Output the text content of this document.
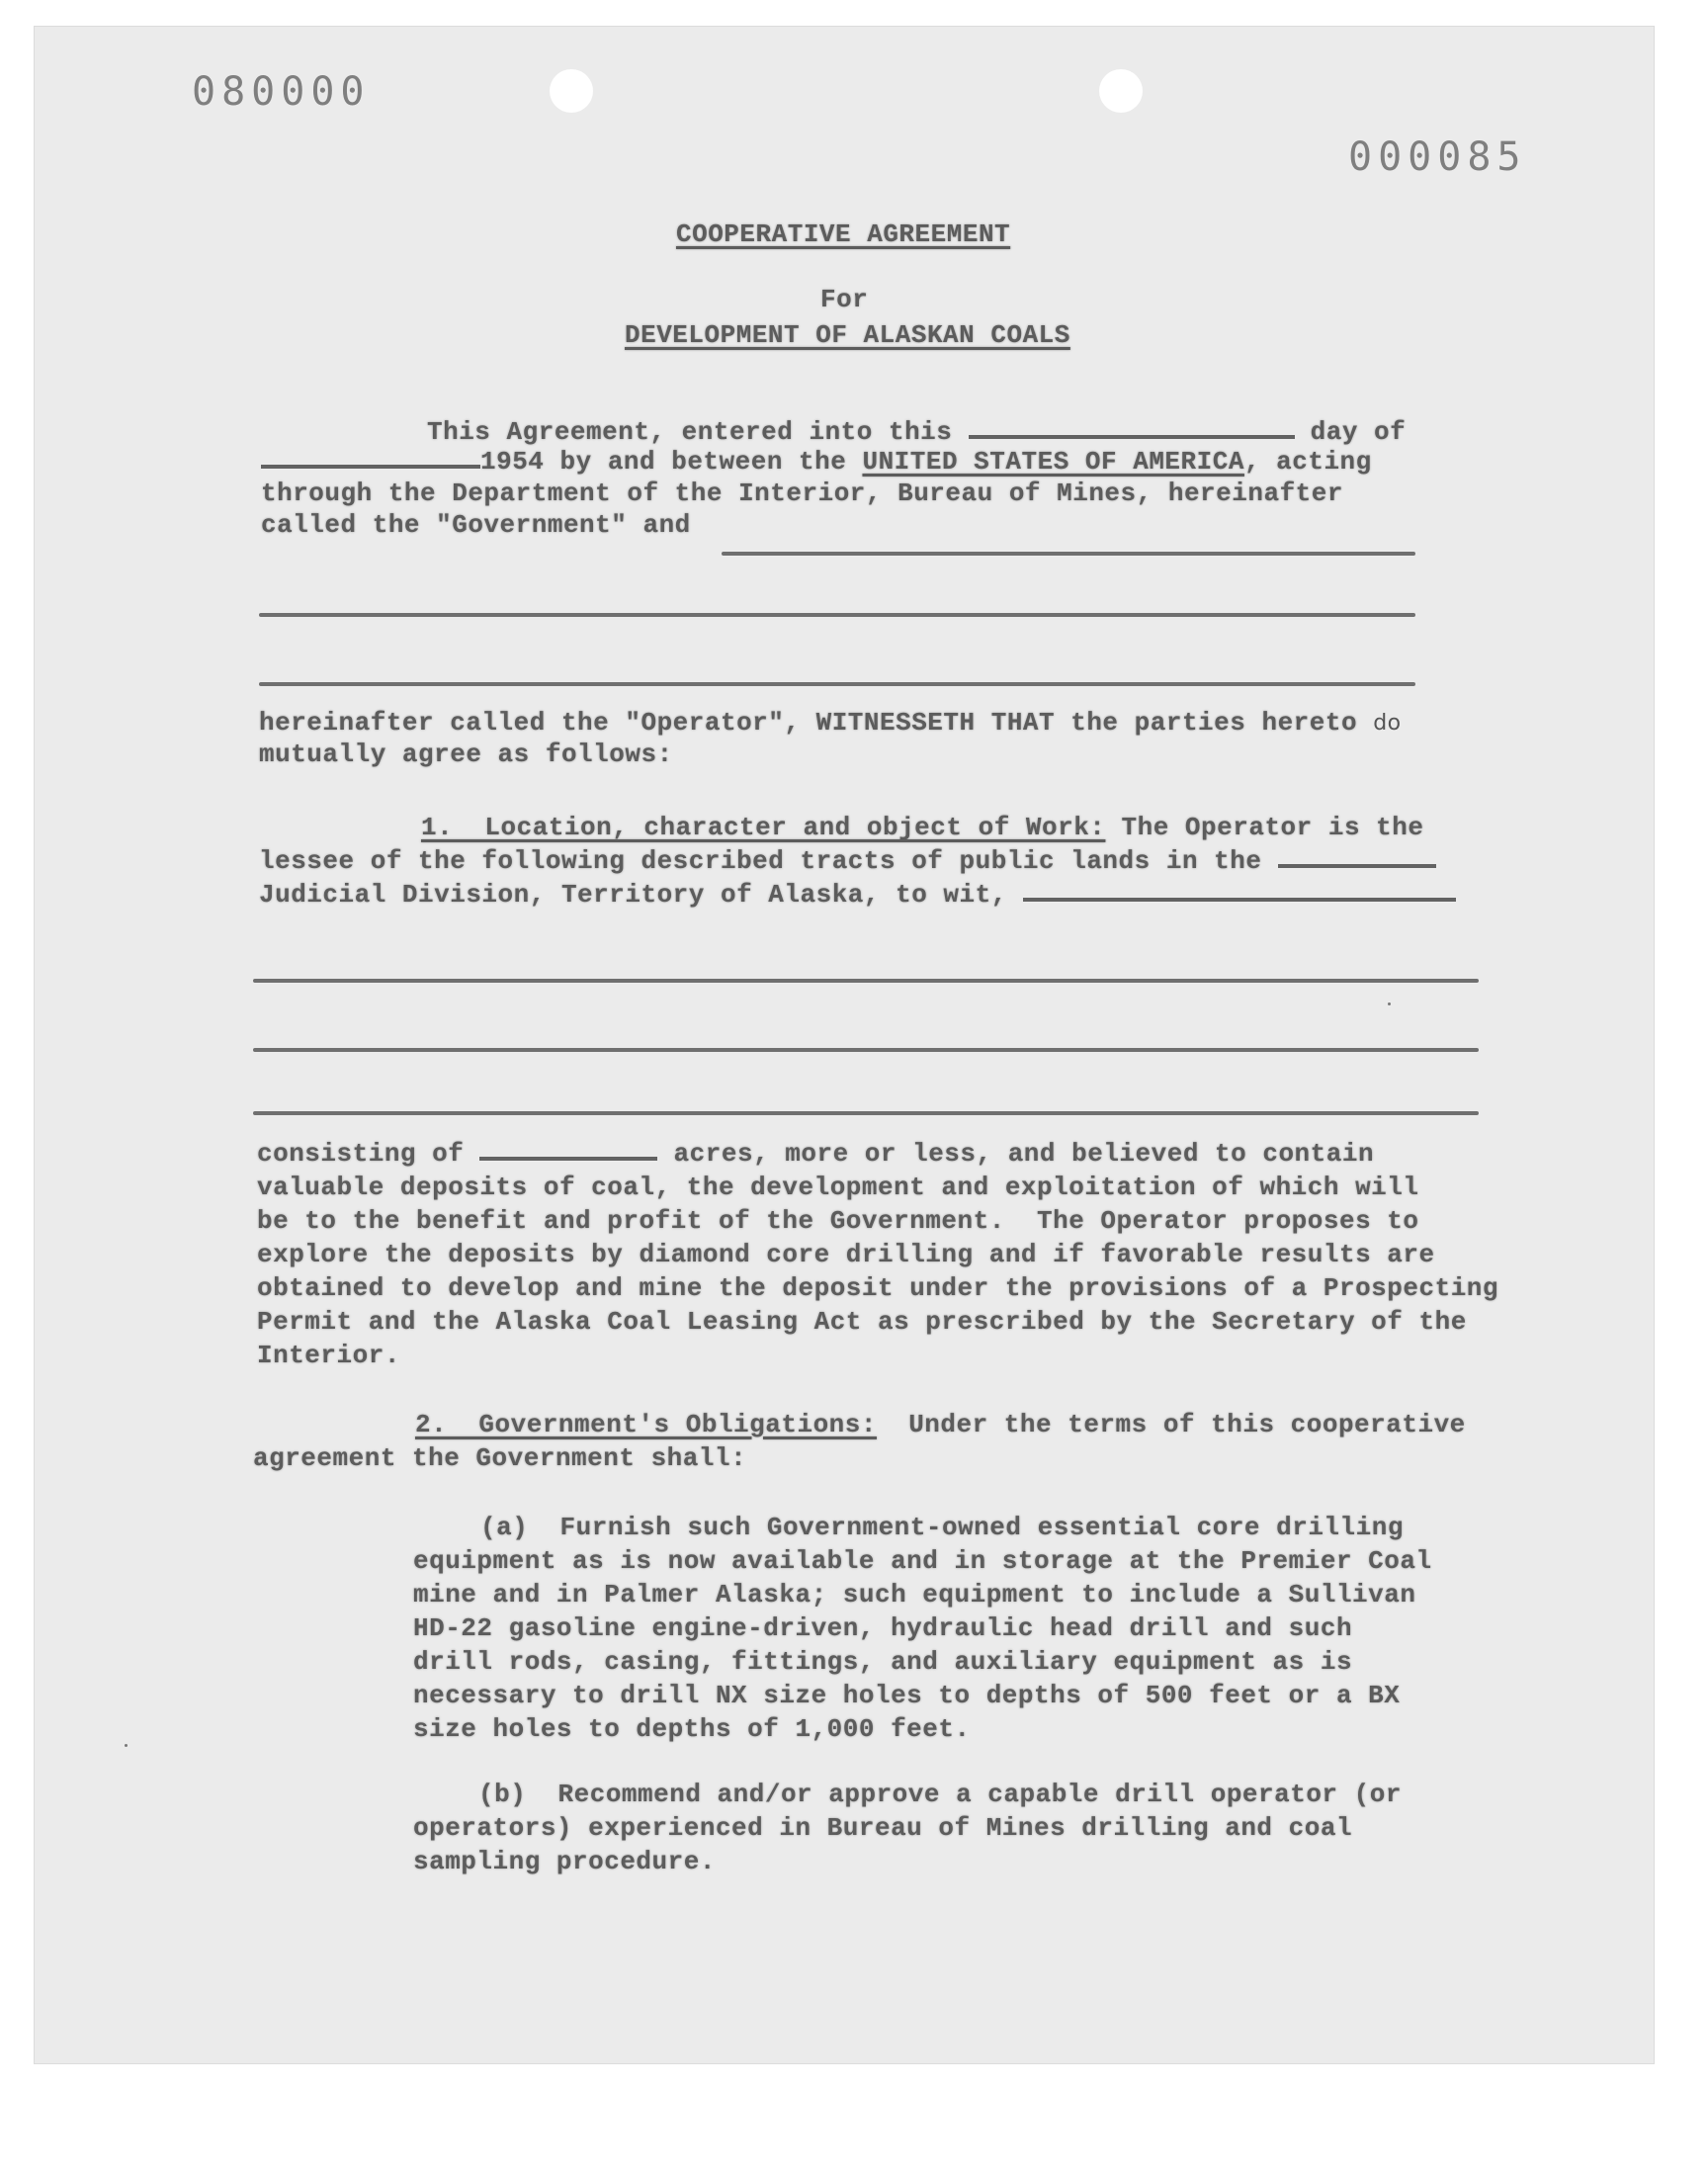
080000
000085

COOPERATIVE AGREEMENT

For

DEVELOPMENT OF ALASKAN COALS

This Agreement, entered into this	day of

1954 by and between the UNITED STATES OF AMERICA, acting

through the Department of the Interior, Bureau of Mines, hereinafter

called the "Government" and

hereinafter called the "Operator", WITNESSETH THAT the parties hereto do

mutually agree as follows:

1.  Location, character and object of Work: The Operator is the

lessee of the following described tracts of public lands in the

Judicial Division, Territory of Alaska, to wit,

consisting of	acres, more or less, and believed to contain

valuable deposits of coal, the development and exploitation of which will

be to the benefit and profit of the Government.  The Operator proposes to

explore the deposits by diamond core drilling and if favorable results are

obtained to develop and mine the deposit under the provisions of a Prospecting

Permit and the Alaska Coal Leasing Act as prescribed by the Secretary of the

Interior.

2.  Government's Obligations:  Under the terms of this cooperative

agreement the Government shall:

(a)  Furnish such Government-owned essential core drilling

equipment as is now available and in storage at the Premier Coal

mine and in Palmer Alaska; such equipment to include a Sullivan

HD-22 gasoline engine-driven, hydraulic head drill and such

drill rods, casing, fittings, and auxiliary equipment as is

necessary to drill NX size holes to depths of 500 feet or a BX

size holes to depths of 1,000 feet.

(b)  Recommend and/or approve a capable drill operator (or

operators) experienced in Bureau of Mines drilling and coal

sampling procedure.
